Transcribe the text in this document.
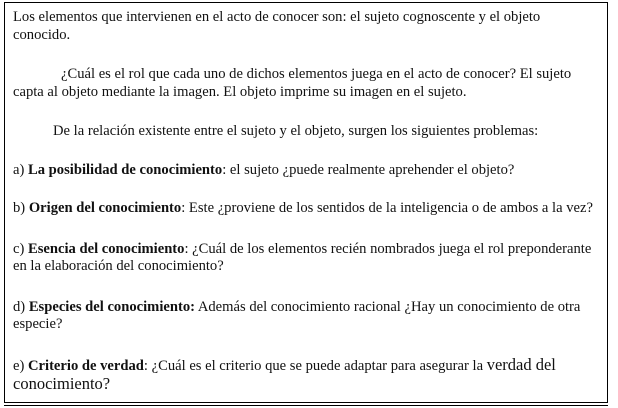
Los elementos que intervienen en el acto de conocer son: el sujeto cognoscente y el objeto conocido.

¿Cuál es el rol que cada uno de dichos elementos juega en el acto de conocer? El sujeto capta al objeto mediante la imagen. El objeto imprime su imagen en el sujeto.

De la relación existente entre el sujeto y el objeto, surgen los siguientes problemas:

a) La posibilidad de conocimiento: el sujeto ¿puede realmente aprehender el objeto?

b) Origen del conocimiento: Este ¿proviene de los sentidos de la inteligencia o de ambos a la vez?

c) Esencia del conocimiento: ¿Cuál de los elementos recién nombrados juega el rol preponderante en la elaboración del conocimiento?

d) Especies del conocimiento: Además del conocimiento racional ¿Hay un conocimiento de otra especie?

e) Criterio de verdad: ¿Cuál es el criterio que se puede adaptar para asegurar la verdad del conocimiento?
